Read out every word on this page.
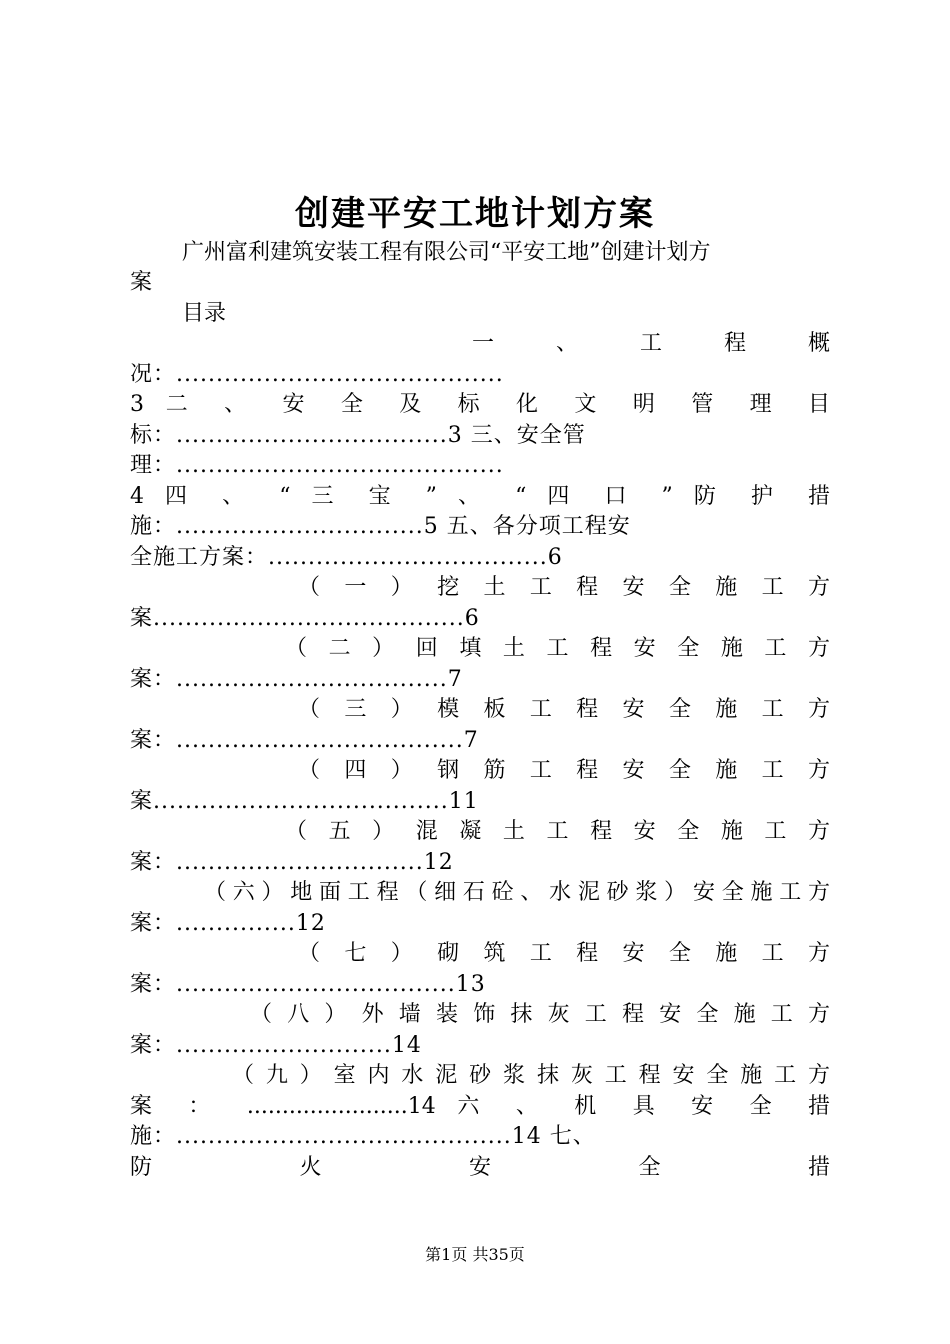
创建平安工地计划方案
广州富利建筑安装工程有限公司“平安工地”创建计划方
案
目录
一 、 工 程 概
况：.........................................
3 二 、 安 全 及 标 化 文 明 管 理 目
标：..................................3 三、安全管
理：.........................................
4 四 、 “ 三 宝 ” 、 “ 四 口 ” 防 护 措
施：...............................5 五、各分项工程安
全施工方案：...................................6
（ 一 ） 挖 土 工 程 安 全 施 工 方
案.......................................6
（ 二 ） 回 填 土 工 程 安 全 施 工 方
案：..................................7
（ 三 ） 模 板 工 程 安 全 施 工 方
案：....................................7
（ 四 ） 钢 筋 工 程 安 全 施 工 方
案.....................................11
（ 五 ） 混 凝 土 工 程 安 全 施 工 方
案：...............................12
（六）地面工程（细石砼、水泥砂浆）安全施工方
案：...............12
（ 七 ） 砌 筑 工 程 安 全 施 工 方
案：...................................13
（ 八 ） 外 墙 装 饰 抹 灰 工 程 安 全 施 工 方
案：...........................14
（ 九 ） 室 内 水 泥 砂 浆 抹 灰 工 程 安 全 施 工 方
案 ： .......................14 六 、 机 具 安 全 措
施：..........................................14 七、
防 火 安 全 措
第1页 共35页
